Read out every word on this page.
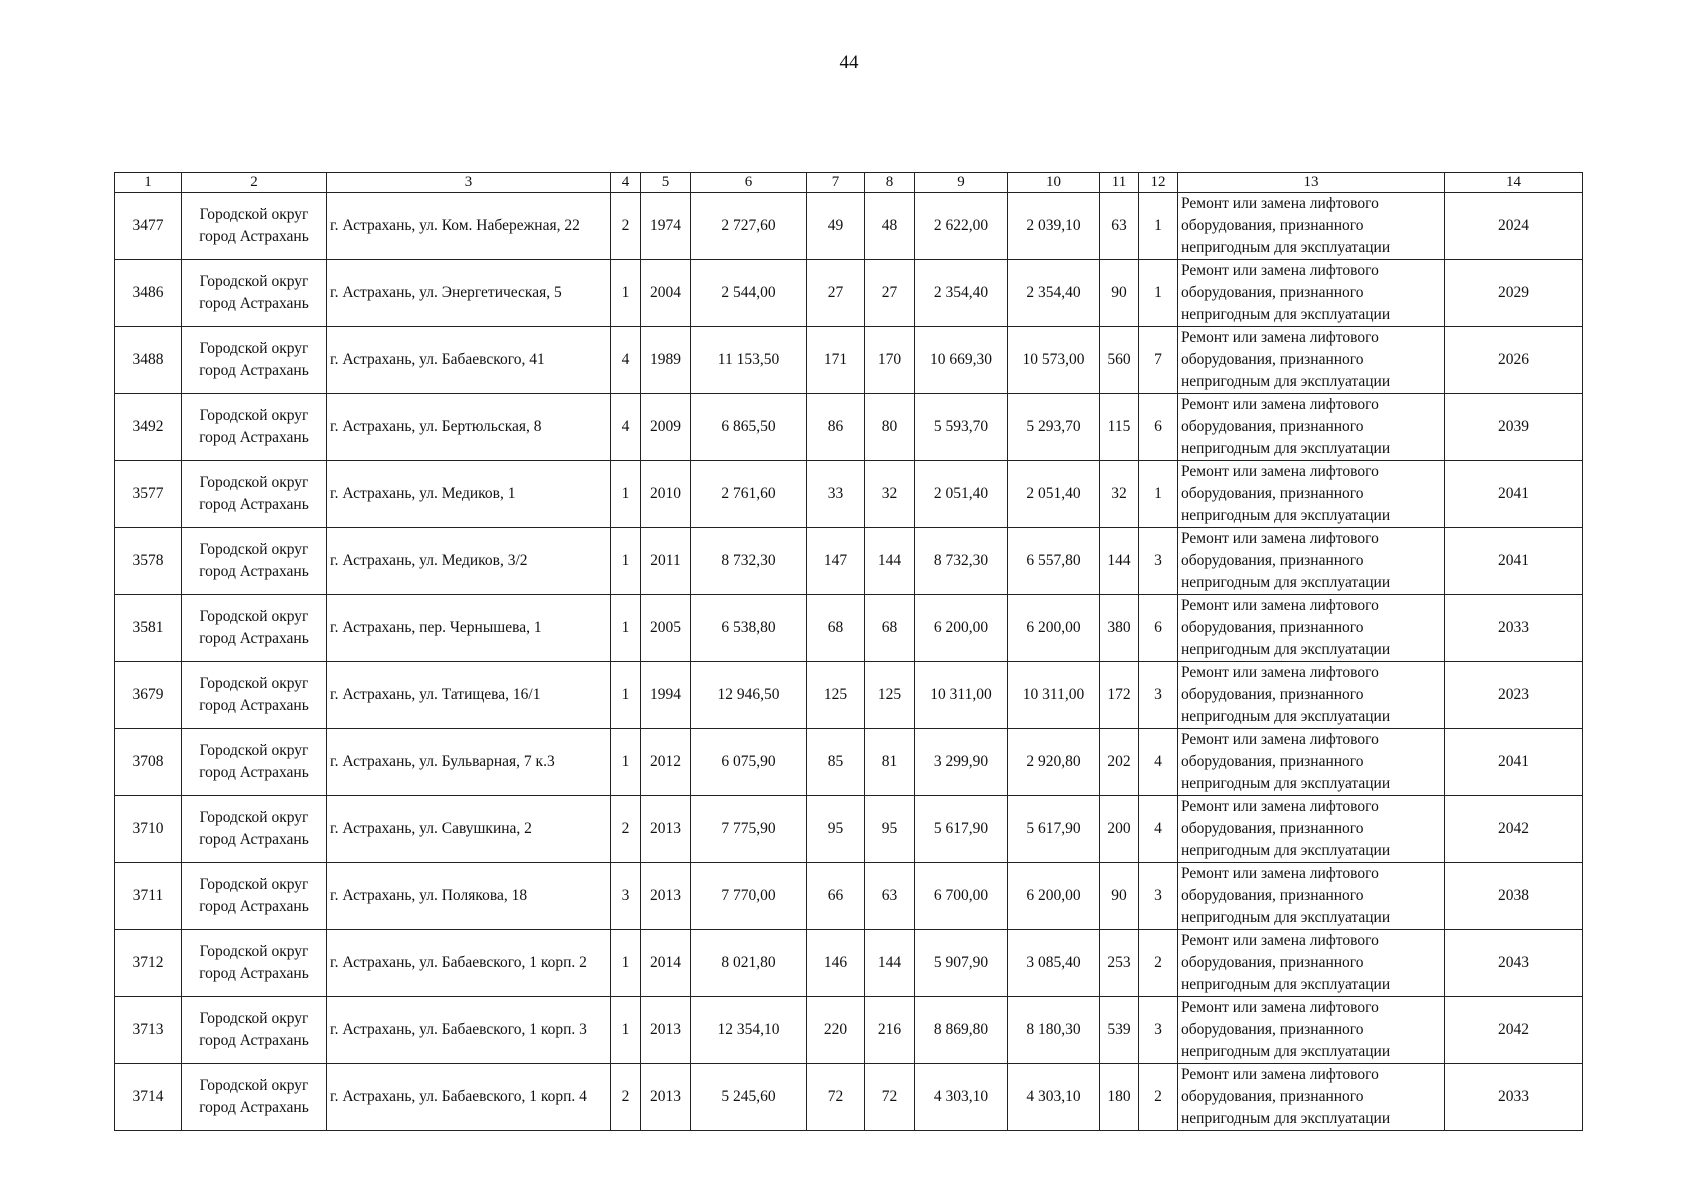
44
1	2	3	4	5	6	7	8	9	10	11	12	13	14
3477	Городской округ город Астрахань	г. Астрахань, ул. Ком. Набережная, 22	2	1974	2 727,60	49	48	2 622,00	2 039,10	63	1	Ремонт или замена лифтового оборудования, признанного непригодным для эксплуатации	2024
3486	Городской округ город Астрахань	г. Астрахань, ул. Энергетическая, 5	1	2004	2 544,00	27	27	2 354,40	2 354,40	90	1	Ремонт или замена лифтового оборудования, признанного непригодным для эксплуатации	2029
3488	Городской округ город Астрахань	г. Астрахань, ул. Бабаевского, 41	4	1989	11 153,50	171	170	10 669,30	10 573,00	560	7	Ремонт или замена лифтового оборудования, признанного непригодным для эксплуатации	2026
3492	Городской округ город Астрахань	г. Астрахань, ул. Бертюльская, 8	4	2009	6 865,50	86	80	5 593,70	5 293,70	115	6	Ремонт или замена лифтового оборудования, признанного непригодным для эксплуатации	2039
3577	Городской округ город Астрахань	г. Астрахань, ул. Медиков, 1	1	2010	2 761,60	33	32	2 051,40	2 051,40	32	1	Ремонт или замена лифтового оборудования, признанного непригодным для эксплуатации	2041
3578	Городской округ город Астрахань	г. Астрахань, ул. Медиков, 3/2	1	2011	8 732,30	147	144	8 732,30	6 557,80	144	3	Ремонт или замена лифтового оборудования, признанного непригодным для эксплуатации	2041
3581	Городской округ город Астрахань	г. Астрахань, пер. Чернышева, 1	1	2005	6 538,80	68	68	6 200,00	6 200,00	380	6	Ремонт или замена лифтового оборудования, признанного непригодным для эксплуатации	2033
3679	Городской округ город Астрахань	г. Астрахань, ул. Татищева, 16/1	1	1994	12 946,50	125	125	10 311,00	10 311,00	172	3	Ремонт или замена лифтового оборудования, признанного непригодным для эксплуатации	2023
3708	Городской округ город Астрахань	г. Астрахань, ул. Бульварная, 7 к.3	1	2012	6 075,90	85	81	3 299,90	2 920,80	202	4	Ремонт или замена лифтового оборудования, признанного непригодным для эксплуатации	2041
3710	Городской округ город Астрахань	г. Астрахань, ул. Савушкина, 2	2	2013	7 775,90	95	95	5 617,90	5 617,90	200	4	Ремонт или замена лифтового оборудования, признанного непригодным для эксплуатации	2042
3711	Городской округ город Астрахань	г. Астрахань, ул. Полякова, 18	3	2013	7 770,00	66	63	6 700,00	6 200,00	90	3	Ремонт или замена лифтового оборудования, признанного непригодным для эксплуатации	2038
3712	Городской округ город Астрахань	г. Астрахань, ул. Бабаевского, 1 корп. 2	1	2014	8 021,80	146	144	5 907,90	3 085,40	253	2	Ремонт или замена лифтового оборудования, признанного непригодным для эксплуатации	2043
3713	Городской округ город Астрахань	г. Астрахань, ул. Бабаевского, 1 корп. 3	1	2013	12 354,10	220	216	8 869,80	8 180,30	539	3	Ремонт или замена лифтового оборудования, признанного непригодным для эксплуатации	2042
3714	Городской округ город Астрахань	г. Астрахань, ул. Бабаевского, 1 корп. 4	2	2013	5 245,60	72	72	4 303,10	4 303,10	180	2	Ремонт или замена лифтового оборудования, признанного непригодным для эксплуатации	2033
